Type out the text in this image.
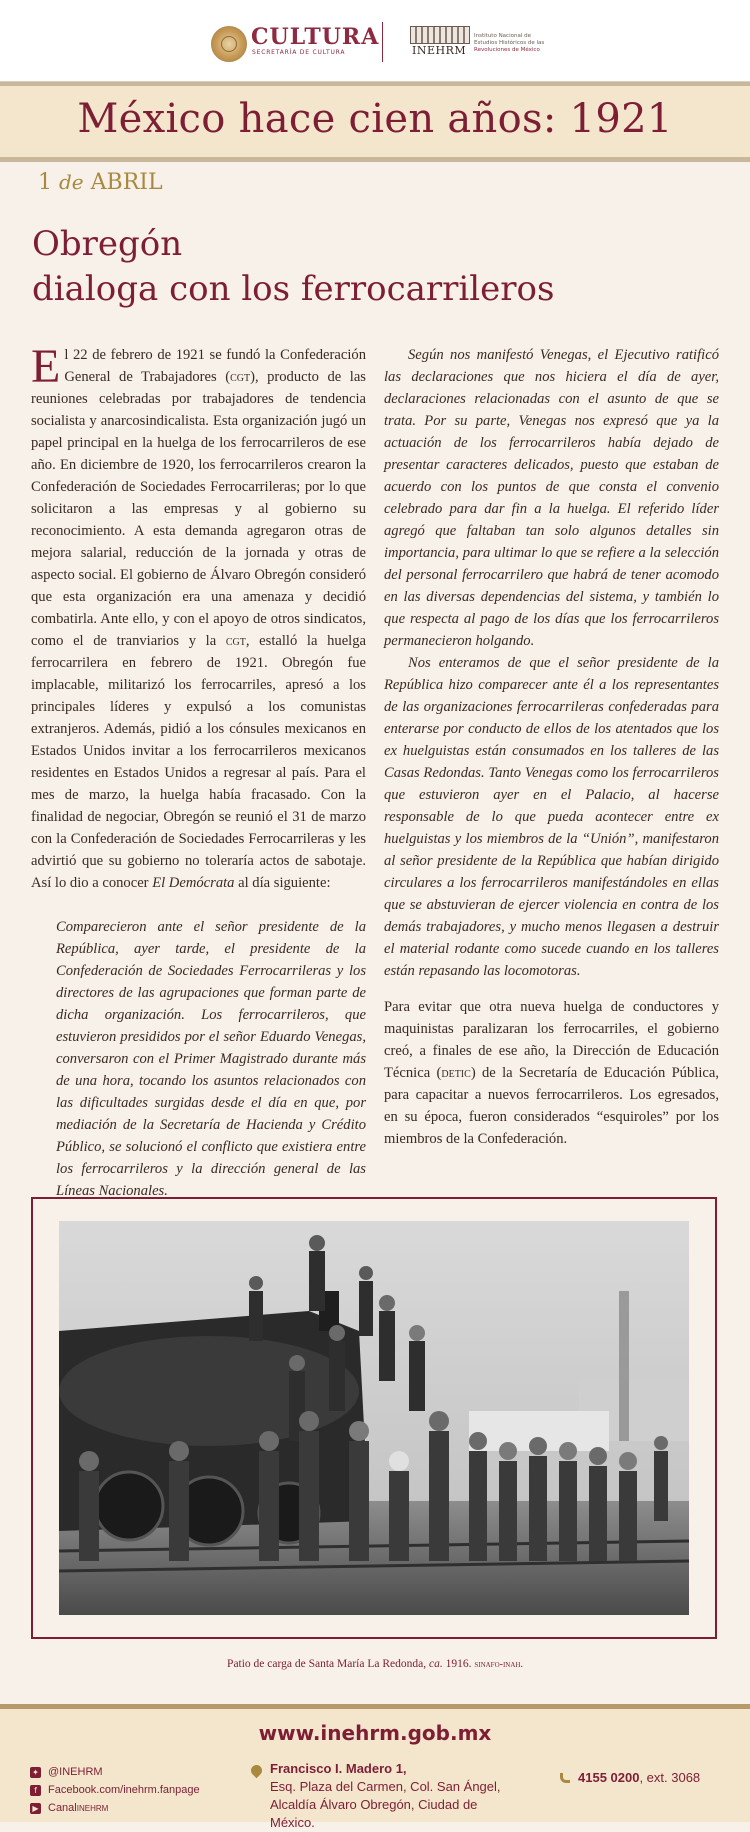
CULTURA
SECRETARÍA DE CULTURA	INEHRM
Instituto Nacional de
Estudios Históricos de las
Revoluciones de México
México hace cien años: 1921
1 de ABRIL
Obregón
dialoga con los ferrocarrileros

El 22 de febrero de 1921 se fundó la Confederación General de Trabajadores (cgt), producto de las reuniones celebradas por trabajadores de tendencia socialista y anarcosindicalista. Esta organización jugó un papel principal en la huelga de los ferrocarrileros de ese año. En diciembre de 1920, los ferrocarrileros crearon la Confederación de Sociedades Ferrocarrileras; por lo que solicitaron a las empresas y al gobierno su reconocimiento. A esta demanda agregaron otras de mejora salarial, reducción de la jornada y otras de aspecto social. El gobierno de Álvaro Obregón consideró que esta organización era una amenaza y decidió combatirla. Ante ello, y con el apoyo de otros sindicatos, como el de tranviarios y la cgt, estalló la huelga ferrocarrilera en febrero de 1921. Obregón fue implacable, militarizó los ferrocarriles, apresó a los principales líderes y expulsó a los comunistas extranjeros. Además, pidió a los cónsules mexicanos en Estados Unidos invitar a los ferrocarrileros mexicanos residentes en Estados Unidos a regresar al país. Para el mes de marzo, la huelga había fracasado. Con la finalidad de negociar, Obregón se reunió el 31 de marzo con la Confederación de Sociedades Ferrocarrileras y les advirtió que su gobierno no toleraría actos de sabotaje. Así lo dio a conocer El Demócrata al día siguiente:

Comparecieron ante el señor presidente de la República, ayer tarde, el presidente de la Confederación de Sociedades Ferrocarrileras y los directores de las agrupaciones que forman parte de dicha organización. Los ferrocarrileros, que estuvieron presididos por el señor Eduardo Venegas, conversaron con el Primer Magistrado durante más de una hora, tocando los asuntos relacionados con las dificultades surgidas desde el día en que, por mediación de la Secretaría de Hacienda y Crédito Público, se solucionó el conflicto que existiera entre los ferrocarrileros y la dirección general de las Líneas Nacionales.

Según nos manifestó Venegas, el Ejecutivo ratificó las declaraciones que nos hiciera el día de ayer, declaraciones relacionadas con el asunto de que se trata. Por su parte, Venegas nos expresó que ya la actuación de los ferrocarrileros había dejado de presentar caracteres delicados, puesto que estaban de acuerdo con los puntos de que consta el convenio celebrado para dar fin a la huelga. El referido líder agregó que faltaban tan solo algunos detalles sin importancia, para ultimar lo que se refiere a la selección del personal ferrocarrilero que habrá de tener acomodo en las diversas dependencias del sistema, y también lo que respecta al pago de los días que los ferrocarrileros permanecieron holgando.

Nos enteramos de que el señor presidente de la República hizo comparecer ante él a los representantes de las organizaciones ferrocarrileras confederadas para enterarse por conducto de ellos de los atentados que los ex huelguistas están consumados en los talleres de las Casas Redondas. Tanto Venegas como los ferrocarrileros que estuvieron ayer en el Palacio, al hacerse responsable de lo que pueda acontecer entre ex huelguistas y los miembros de la “Unión”, manifestaron al señor presidente de la República que habían dirigido circulares a los ferrocarrileros manifestándoles en ellas que se abstuvieran de ejercer violencia en contra de los demás trabajadores, y mucho menos llegasen a destruir el material rodante como sucede cuando en los talleres están repasando las locomotoras.

Para evitar que otra nueva huelga de conductores y maquinistas paralizaran los ferrocarriles, el gobierno creó, a finales de ese año, la Dirección de Educación Técnica (detic) de la Secretaría de Educación Pública, para capacitar a nuevos ferrocarrileros. Los egresados, en su época, fueron considerados “esquiroles” por los miembros de la Confederación.

Patio de carga de Santa María La Redonda, ca. 1916. sinafo-inah.
www.inehrm.gob.mx
✦ @INEHRM
f	Facebook.com/inehrm.fanpage
▶ Canal inehrm
Francisco I. Madero 1,
Esq. Plaza del Carmen, Col. San Ángel,
Alcaldía Álvaro Obregón, Ciudad de México.
4155 0200, ext. 3068
